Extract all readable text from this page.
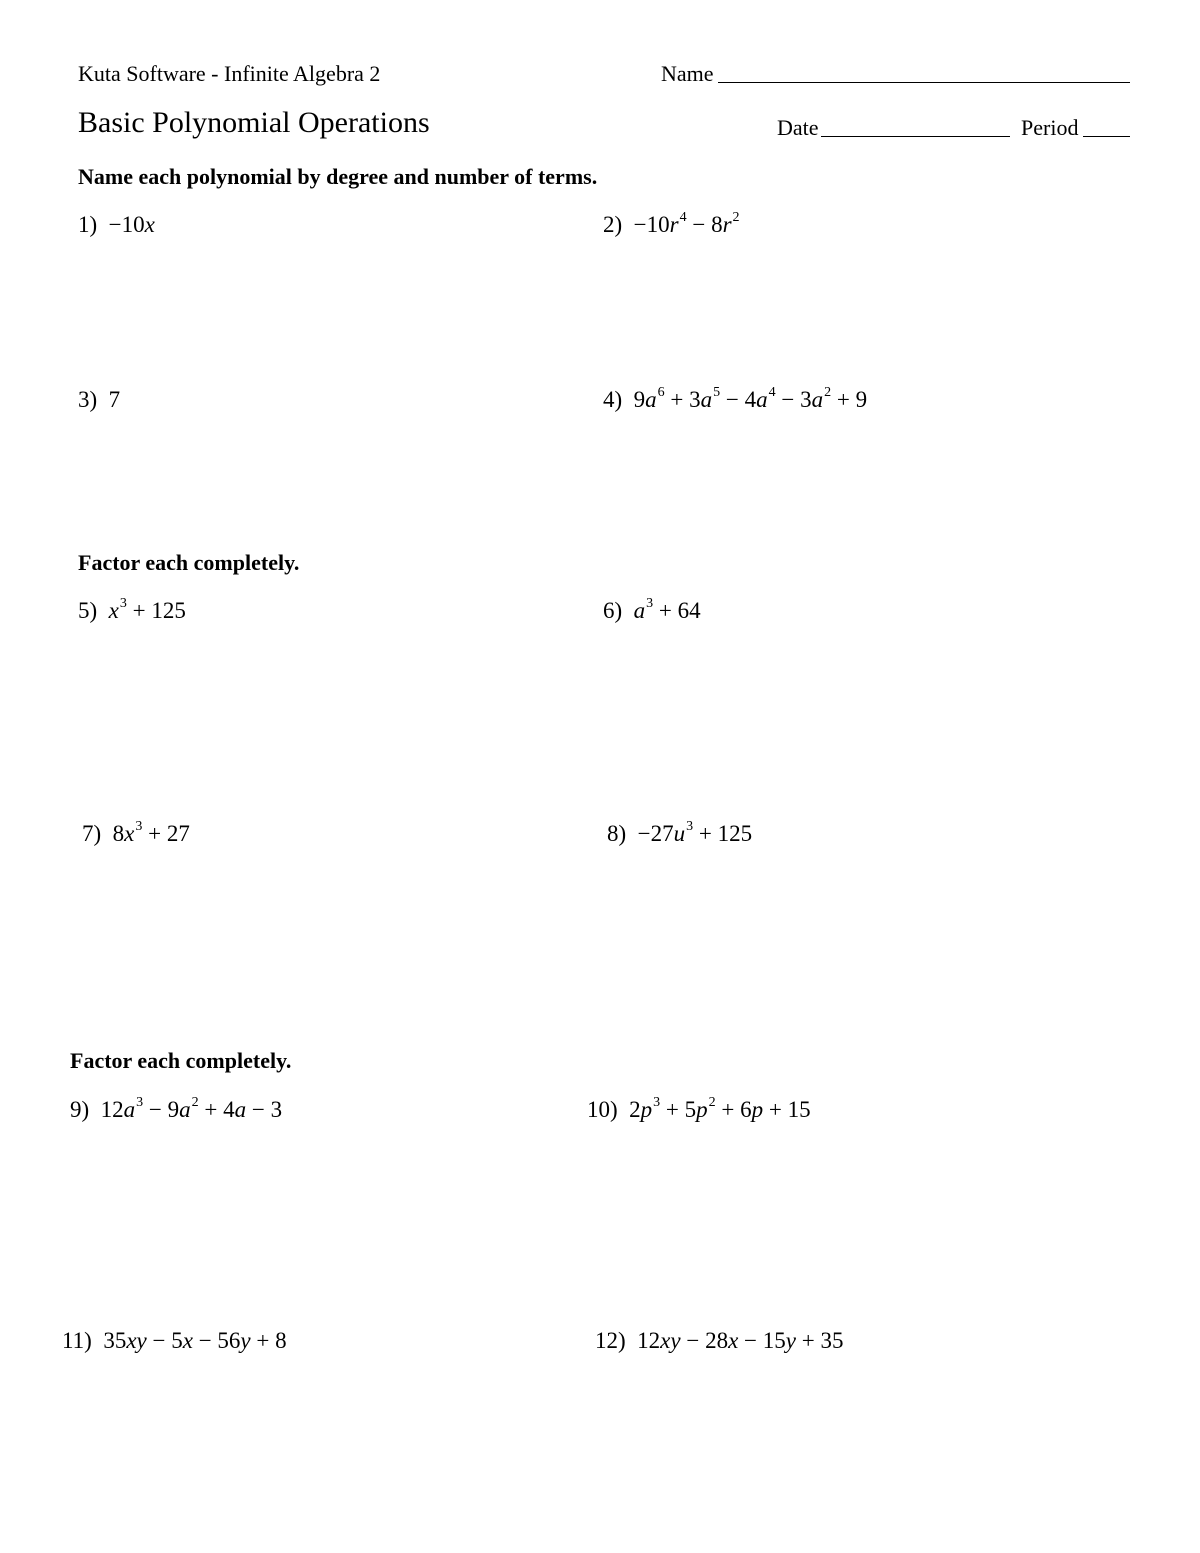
Kuta Software - Infinite Algebra 2	Name
Basic Polynomial Operations	Date	Period
Name each polynomial by degree and number of terms.
1) −10x	$2) -10r^4 - 8r^2$
3) 7	4) $9a^6 + 3a^5 - 4a^4 - 3a^2 + 9$
Factor each completely.
5) $x^3 + 125$	6) $a^3 + 64$
7) $8x^3 + 27$	$8) -27u^3 + 125$
Factor each completely.
9) $12a^3 - 9a^2 + 4a - 3$	10) $2p^3 + 5p^2 + 6p + 15$
11) 35xy − 5x − 56y + 8	12) 12xy − 28x − 15y + 35
